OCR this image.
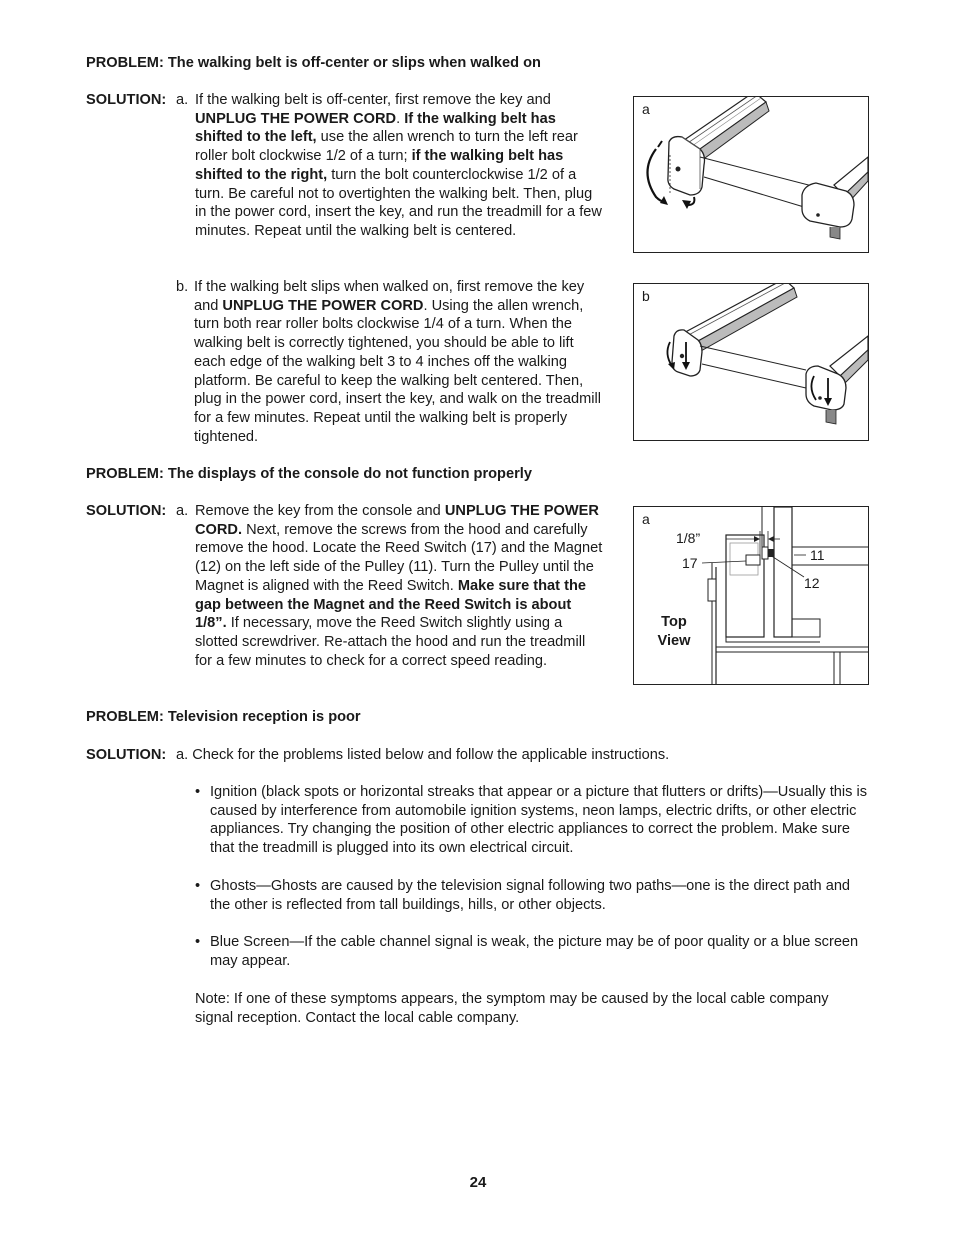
PROBLEM: The walking belt is off-center or slips when walked on
SOLUTION: a. If the walking belt is off-center, first remove the key and UNPLUG THE POWER CORD. If the walking belt has shifted to the left, use the allen wrench to turn the left rear roller bolt clockwise 1/2 of a turn; if the walking belt has shifted to the right, turn the bolt counterclockwise 1/2 of a turn. Be careful not to overtighten the walking belt. Then, plug in the power cord, insert the key, and run the treadmill for a few minutes. Repeat until the walking belt is centered.

b. If the walking belt slips when walked on, first remove the key and UNPLUG THE POWER CORD. Using the allen wrench, turn both rear roller bolts clockwise 1/4 of a turn. When the walking belt is correctly tightened, you should be able to lift each edge of the walking belt 3 to 4 inches off the walking platform. Be careful to keep the walking belt centered. Then, plug in the power cord, insert the key, and walk on the treadmill for a few minutes. Repeat until the walking belt is properly tightened.

a
b
PROBLEM: The displays of the console do not function properly
SOLUTION: a. Remove the key from the console and UNPLUG THE POWER CORD. Next, remove the screws from the hood and carefully remove the hood. Locate the Reed Switch (17) and the Magnet (12) on the left side of the Pulley (11). Turn the Pulley until the Magnet is aligned with the Reed Switch. Make sure that the gap between the Magnet and the Reed Switch is about 1/8”. If necessary, move the Reed Switch slightly using a slotted screwdriver. Re-attach the hood and run the treadmill for a few minutes to check for a correct speed reading.

a
1/8”
17	11
12
Top
View
PROBLEM: Television reception is poor
SOLUTION: a. Check for the problems listed below and follow the applicable instructions.
• Ignition (black spots or horizontal streaks that appear or a picture that flutters or drifts)—Usually this is caused by interference from automobile ignition systems, neon lamps, electric drifts, or other electric appliances. Try changing the position of other electric appliances to correct the problem. Make sure that the treadmill is plugged into its own electrical circuit.
• Ghosts—Ghosts are caused by the television signal following two paths—one is the direct path and the other is reflected from tall buildings, hills, or other objects.
• Blue Screen—If the cable channel signal is weak, the picture may be of poor quality or a blue screen may appear.

Note: If one of these symptoms appears, the symptom may be caused by the local cable company signal reception. Contact the local cable company.

24
